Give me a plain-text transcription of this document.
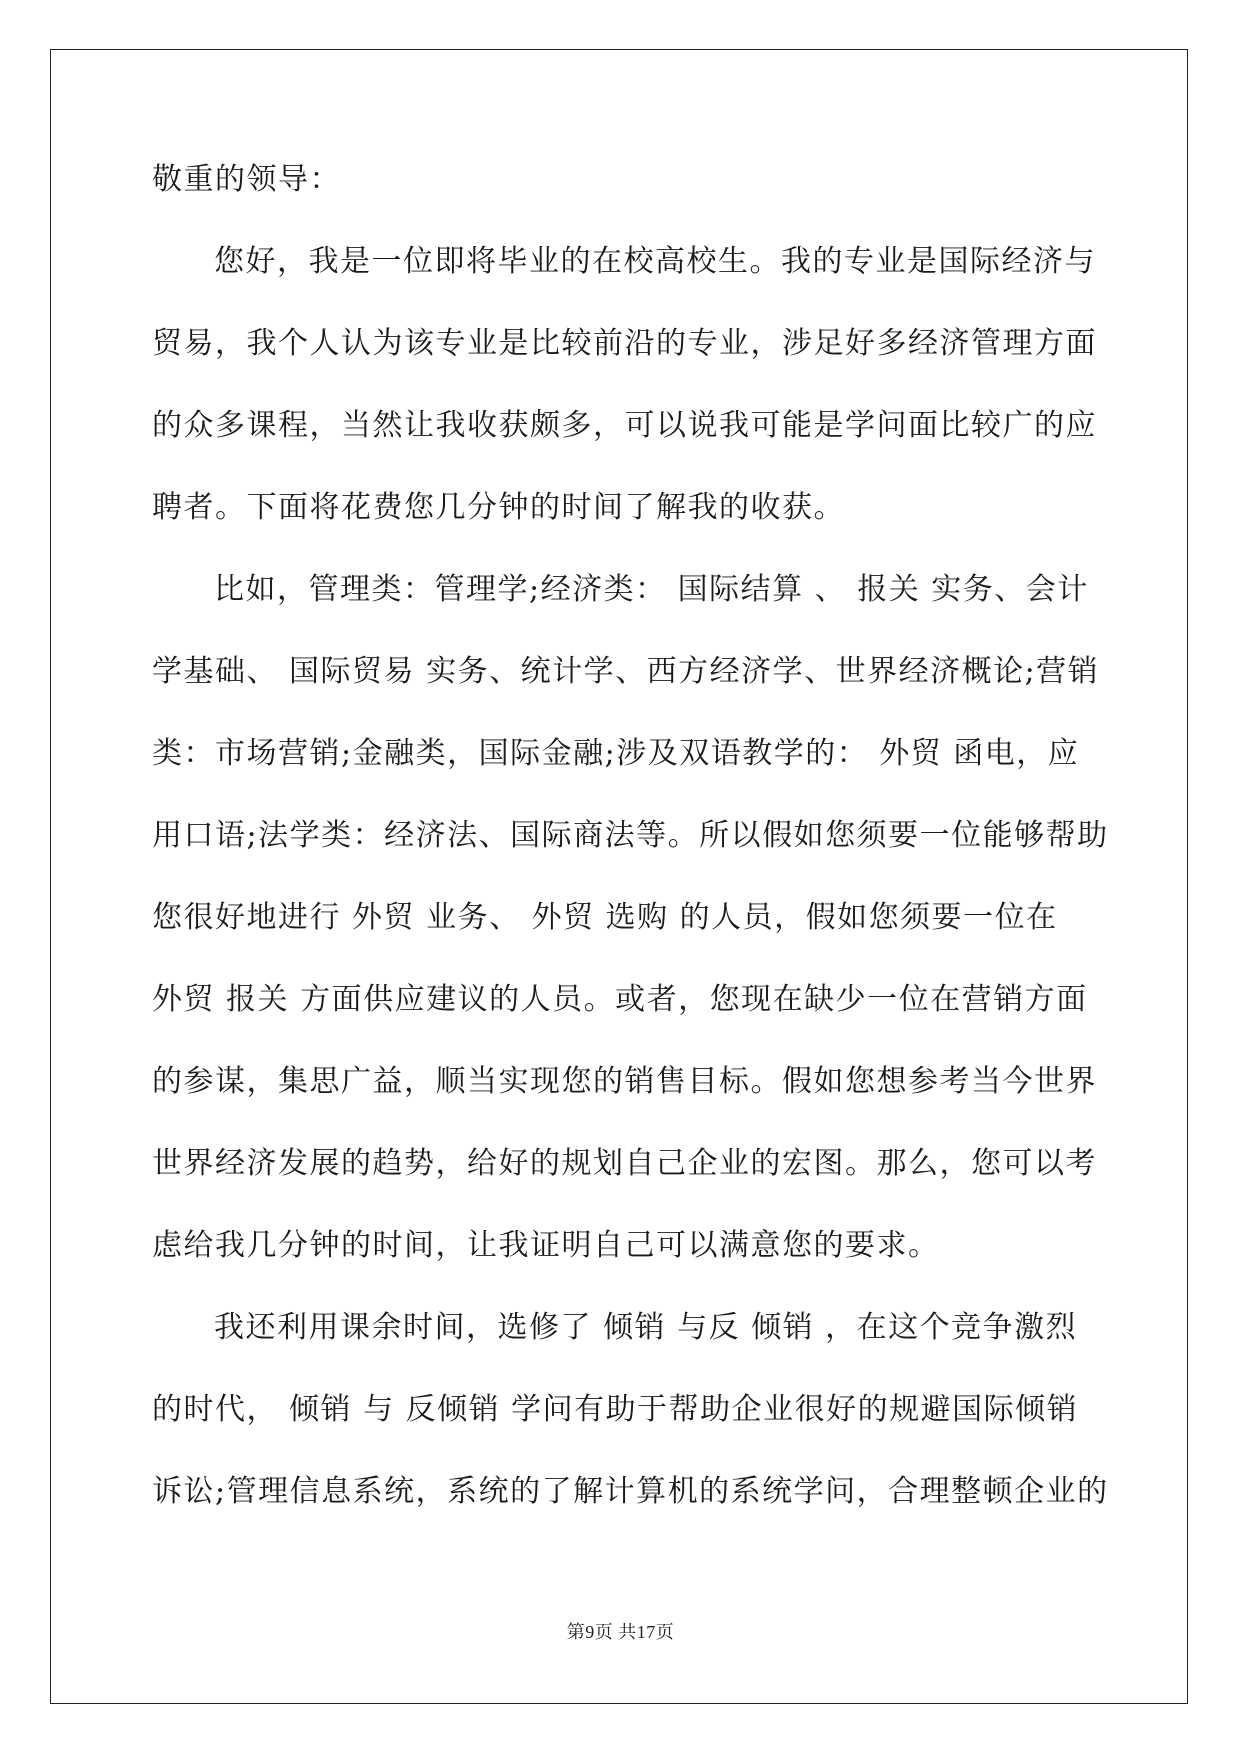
敬重的领导：
您好，我是一位即将毕业的在校高校生。我的专业是国际经济与
贸易，我个人认为该专业是比较前沿的专业，涉足好多经济管理方面
的众多课程，当然让我收获颇多，可以说我可能是学问面比较广的应
聘者。下面将花费您几分钟的时间了解我的收获。
比如，管理类：管理学;经济类： 国际结算 、 报关 实务、会计
学基础、 国际贸易 实务、统计学、西方经济学、世界经济概论;营销
类：市场营销;金融类，国际金融;涉及双语教学的： 外贸 函电，应
用口语;法学类：经济法、国际商法等。所以假如您须要一位能够帮助
您很好地进行 外贸 业务、 外贸 选购 的人员，假如您须要一位在
外贸 报关 方面供应建议的人员。或者，您现在缺少一位在营销方面
的参谋，集思广益，顺当实现您的销售目标。假如您想参考当今世界
世界经济发展的趋势，给好的规划自己企业的宏图。那么，您可以考
虑给我几分钟的时间，让我证明自己可以满意您的要求。
我还利用课余时间，选修了 倾销 与反 倾销 ，在这个竞争激烈
的时代， 倾销 与 反倾销 学问有助于帮助企业很好的规避国际倾销
诉讼;管理信息系统，系统的了解计算机的系统学问，合理整顿企业的
第9页 共17页
